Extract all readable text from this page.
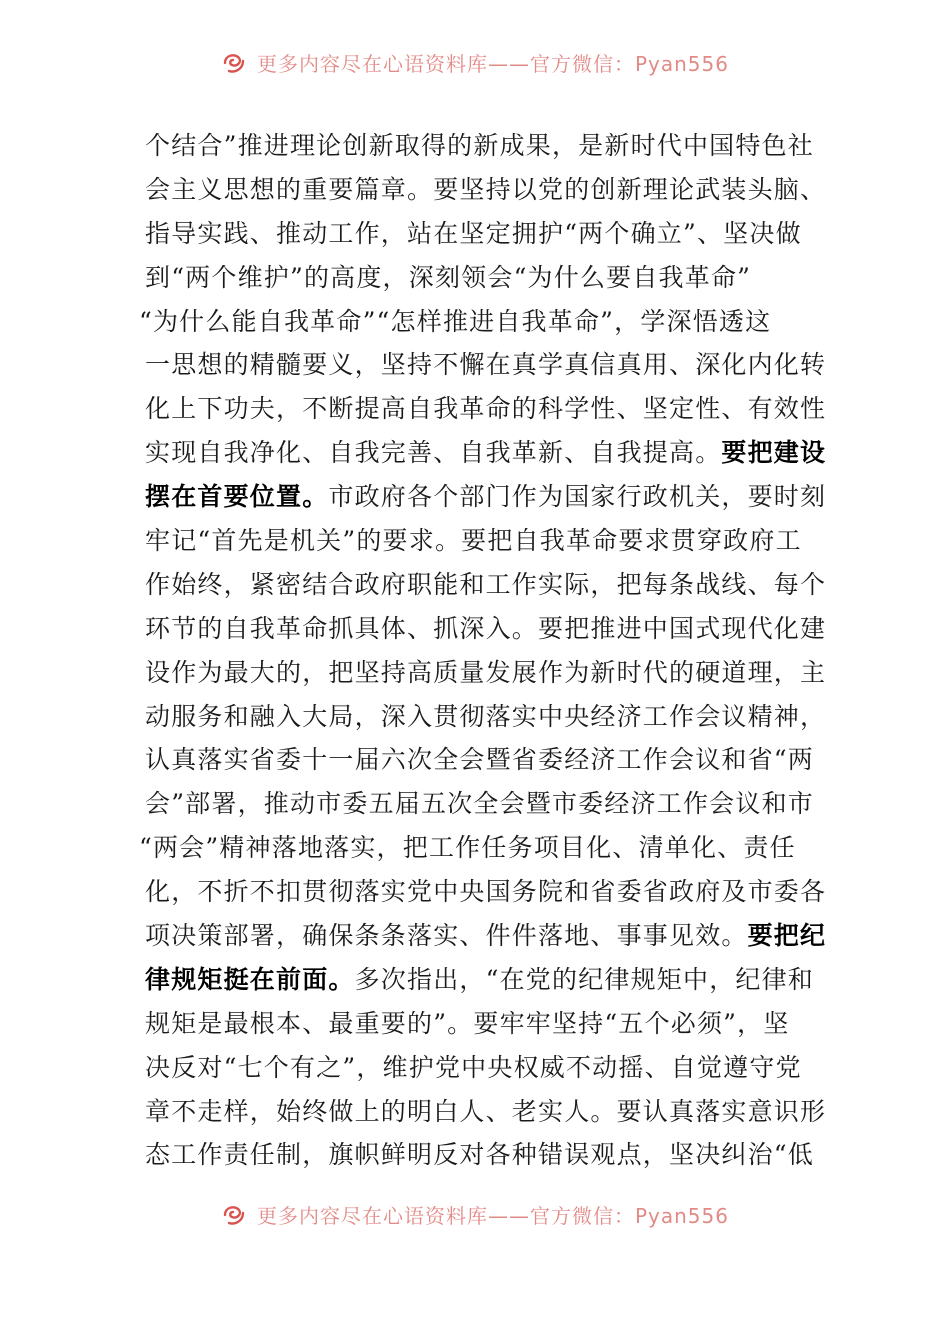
更多内容尽在心语资料库——官方微信：Pyan556
个结合”推进理论创新取得的新成果，是新时代中国特色社
会主义思想的重要篇章。要坚持以党的创新理论武装头脑、
指导实践、推动工作，站在坚定拥护“两个确立”、坚决做
到“两个维护”的高度，深刻领会“为什么要自我革命”
“为什么能自我革命”“怎样推进自我革命”，学深悟透这
一思想的精髓要义，坚持不懈在真学真信真用、深化内化转
化上下功夫，不断提高自我革命的科学性、坚定性、有效性
实现自我净化、自我完善、自我革新、自我提高。要把建设
摆在首要位置。市政府各个部门作为国家行政机关，要时刻
牢记“首先是机关”的要求。要把自我革命要求贯穿政府工
作始终，紧密结合政府职能和工作实际，把每条战线、每个
环节的自我革命抓具体、抓深入。要把推进中国式现代化建
设作为最大的，把坚持高质量发展作为新时代的硬道理，主
动服务和融入大局，深入贯彻落实中央经济工作会议精神，
认真落实省委十一届六次全会暨省委经济工作会议和省“两
会”部署，推动市委五届五次全会暨市委经济工作会议和市
“两会”精神落地落实，把工作任务项目化、清单化、责任
化，不折不扣贯彻落实党中央国务院和省委省政府及市委各
项决策部署，确保条条落实、件件落地、事事见效。要把纪
律规矩挺在前面。多次指出，“在党的纪律规矩中，纪律和
规矩是最根本、最重要的”。要牢牢坚持“五个必须”，坚
决反对“七个有之”，维护党中央权威不动摇、自觉遵守党
章不走样，始终做上的明白人、老实人。要认真落实意识形
态工作责任制，旗帜鲜明反对各种错误观点，坚决纠治“低
更多内容尽在心语资料库——官方微信：Pyan556
